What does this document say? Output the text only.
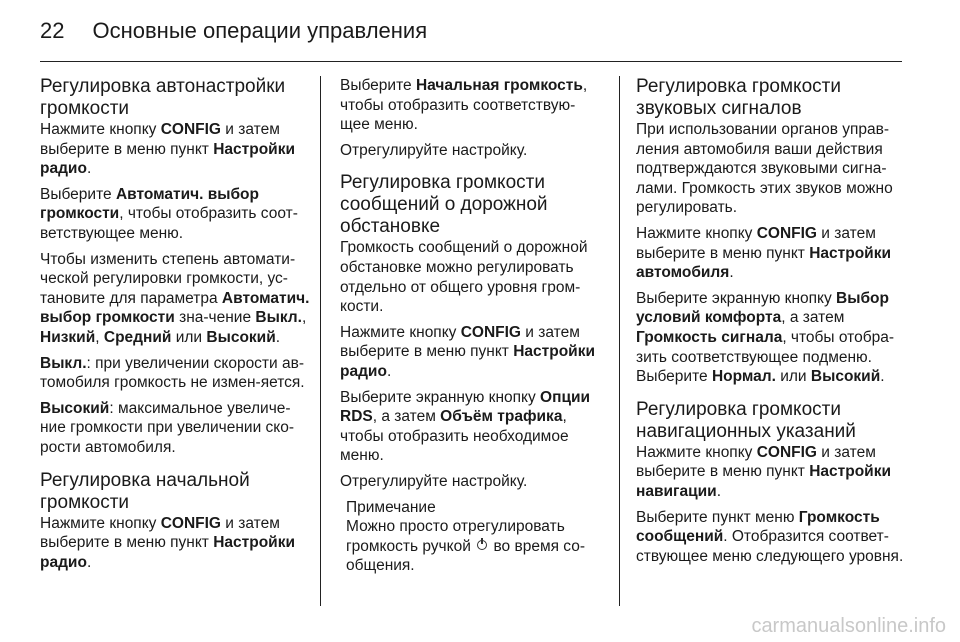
22 Основные операции управления
Регулировка автонастройки громкости

Нажмите кнопку CONFIG и затем выберите в меню пункт Настройки радио.

Выберите Автоматич. выбор громкости, чтобы отобразить соот-ветствующее меню.

Чтобы изменить степень автомати-ческой регулировки громкости, ус-тановите для параметра Автоматич. выбор громкости зна-чение Выкл., Низкий, Средний или Высокий.

Выкл.: при увеличении скорости ав-томобиля громкость не измен-яется.

Высокий: максимальное увеличе-ние громкости при увеличении ско-рости автомобиля.

Регулировка начальной громкости

Нажмите кнопку CONFIG и затем выберите в меню пункт Настройки радио.

Выберите Начальная громкость, чтобы отобразить соответствую-щее меню.

Отрегулируйте настройку.

Регулировка громкости сообщений о дорожной обстановке

Громкость сообщений о дорожной обстановке можно регулировать отдельно от общего уровня гром-кости.

Нажмите кнопку CONFIG и затем выберите в меню пункт Настройки радио.

Выберите экранную кнопку Опции RDS, а затем Объём трафика, чтобы отобразить необходимое меню.

Отрегулируйте настройку.

Примечание
Можно просто отрегулировать громкость ручкой  во время со-общения.
Регулировка громкости звуковых сигналов

При использовании органов управ-ления автомобиля ваши действия подтверждаются звуковыми сигна-лами. Громкость этих звуков можно регулировать.

Нажмите кнопку CONFIG и затем выберите в меню пункт Настройки автомобиля.

Выберите экранную кнопку Выбор условий комфорта, а затем Громкость сигнала, чтобы отобра-зить соответствующее подменю. Выберите Нормал. или Высокий.

Регулировка громкости навигационных указаний

Нажмите кнопку CONFIG и затем выберите в меню пункт Настройки навигации.

Выберите пункт меню Громкость сообщений. Отобразится соответ-ствующее меню следующего уровня.

carmanualsonline.info
